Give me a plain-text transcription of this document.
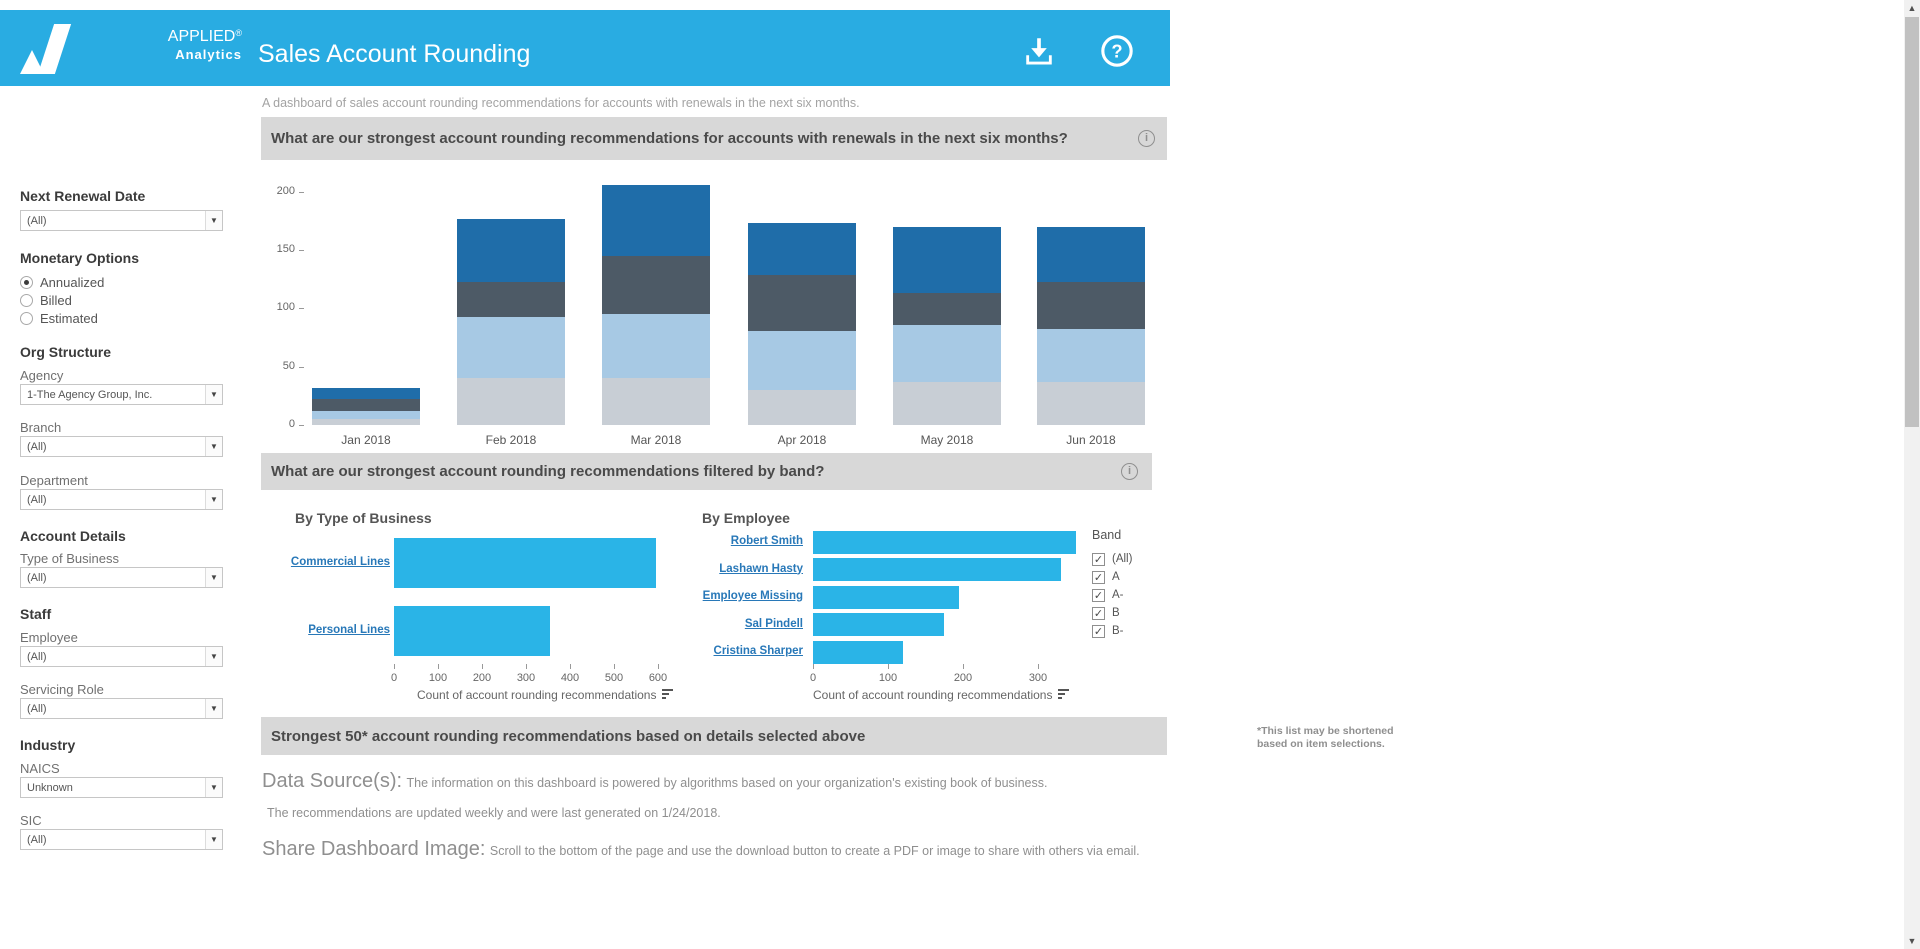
APPLIED®
Analytics Sales Account Rounding	?
▲
▼
Next Renewal Date
(All)	▼
Monetary Options
Annualized
Billed
Estimated
Org Structure
Agency
1-The Agency Group, Inc.	▼
Branch
(All)	▼
Department
(All)	▼
Account Details
Type of Business
(All)	▼
Staff
Employee
(All)	▼
Servicing Role
(All)	▼
Industry
NAICS
Unknown	▼
SIC
(All)	▼
A dashboard of sales account rounding recommendations for accounts with renewals in the next six months.
What are our strongest account rounding recommendations for accounts with renewals in the next six months?	i
200
150
100
50
0
Jan 2018	Feb 2018	Mar 2018	Apr 2018	May 2018	Jun 2018
What are our strongest account rounding recommendations filtered by band?	i
By Type of Business
Commercial Lines
Personal Lines
0	100	200	300	400	500	600
Count of account rounding recommendations
By Employee
Robert Smith
Lashawn Hasty
Employee Missing
Sal Pindell
Cristina Sharper
0	100	200	300
Count of account rounding recommendations
Band
✓ (All)
✓ A
✓ A-
✓ B
✓ B-
Strongest 50* account rounding recommendations based on details selected above	*This list may be shortened
based on item selections.
Data Source(s): The information on this dashboard is powered by algorithms based on your organization's existing book of business.
The recommendations are updated weekly and were last generated on 1/24/2018.
Share Dashboard Image: Scroll to the bottom of the page and use the download button to create a PDF or image to share with others via email.
